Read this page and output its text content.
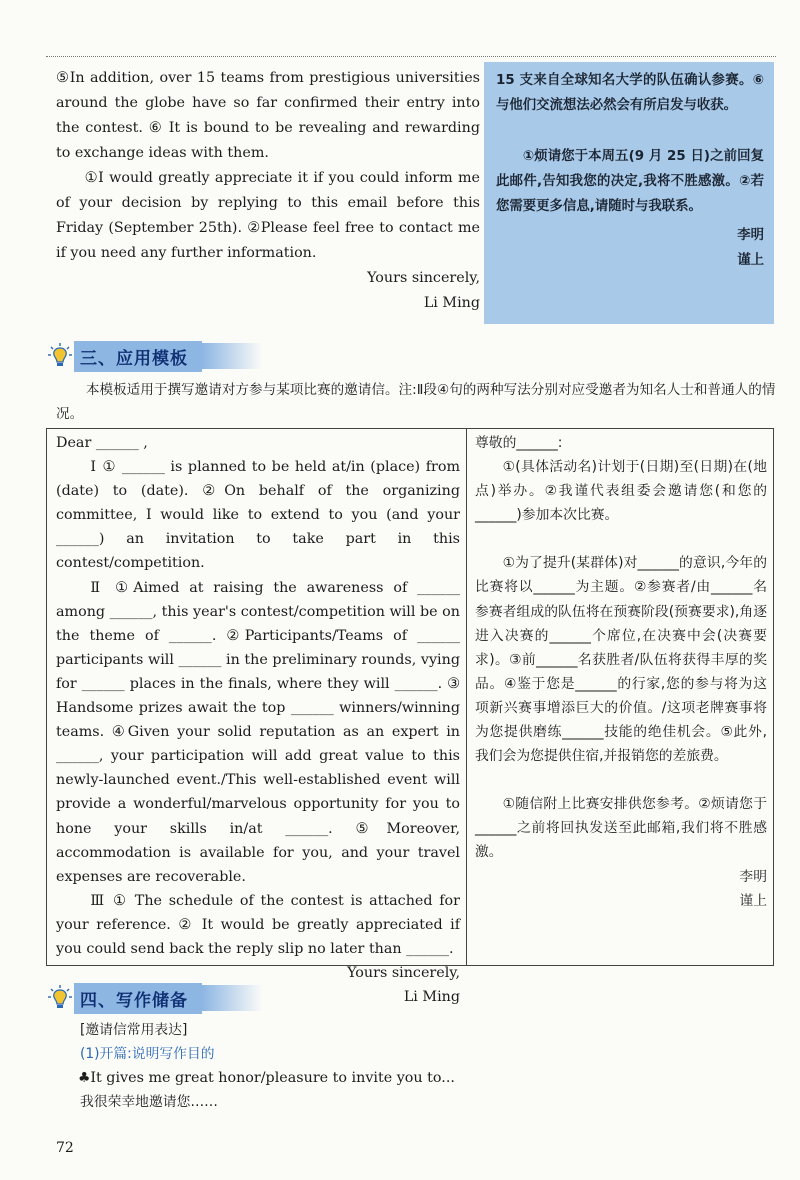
⑤In addition, over 15 teams from prestigious universities around the globe have so far confirmed their entry into the contest. ⑥ It is bound to be revealing and rewarding to exchange ideas with them.

①I would greatly appreciate it if you could inform me of your decision by replying to this email before this Friday (September 25th). ②Please feel free to contact me if you need any further information.

Yours sincerely,
Li Ming

15 支来自全球知名大学的队伍确认参赛。⑥与他们交流想法必然会有所启发与收获。

①烦请您于本周五(9 月 25 日)之前回复此邮件,告知我您的决定,我将不胜感激。②若您需要更多信息,请随时与我联系。

李明
谨上
三、应用模板

本模板适用于撰写邀请对方参与某项比赛的邀请信。注:Ⅱ段④句的两种写法分别对应受邀者为知名人士和普通人的情况。

Dear ______ ,

Ⅰ ① ______ is planned to be held at/in (place) from (date) to (date). ②On behalf of the organizing committee, I would like to extend to you (and your ______) an invitation to take part in this contest/competition.

Ⅱ ①Aimed at raising the awareness of ______ among ______, this year's contest/competition will be on the theme of ______. ②Participants/Teams of ______ participants will ______ in the preliminary rounds, vying for ______ places in the finals, where they will ______. ③ Handsome prizes await the top ______ winners/winning teams. ④Given your solid reputation as an expert in ______, your participation will add great value to this newly-launched event./This well-established event will provide a wonderful/marvelous opportunity for you to hone your skills in/at ______. ⑤Moreover, accommodation is available for you, and your travel expenses are recoverable.

Ⅲ ① The schedule of the contest is attached for your reference. ② It would be greatly appreciated if you could send back the reply slip no later than ______.

Yours sincerely,
Li Ming

尊敬的______:

①(具体活动名)计划于(日期)至(日期)在(地点)举办。②我谨代表组委会邀请您(和您的______)参加本次比赛。

①为了提升(某群体)对______的意识,今年的比赛将以______为主题。②参赛者/由______名参赛者组成的队伍将在预赛阶段(预赛要求),角逐进入决赛的______个席位,在决赛中会(决赛要求)。③前______名获胜者/队伍将获得丰厚的奖品。④鉴于您是______的行家,您的参与将为这项新兴赛事增添巨大的价值。/这项老牌赛事将为您提供磨练______技能的绝佳机会。⑤此外,我们会为您提供住宿,并报销您的差旅费。

①随信附上比赛安排供您参考。②烦请您于______之前将回执发送至此邮箱,我们将不胜感激。

李明
谨上
四、写作储备

[邀请信常用表达]

(1)开篇:说明写作目的

♣It gives me great honor/pleasure to invite you to...

我很荣幸地邀请您……

72
